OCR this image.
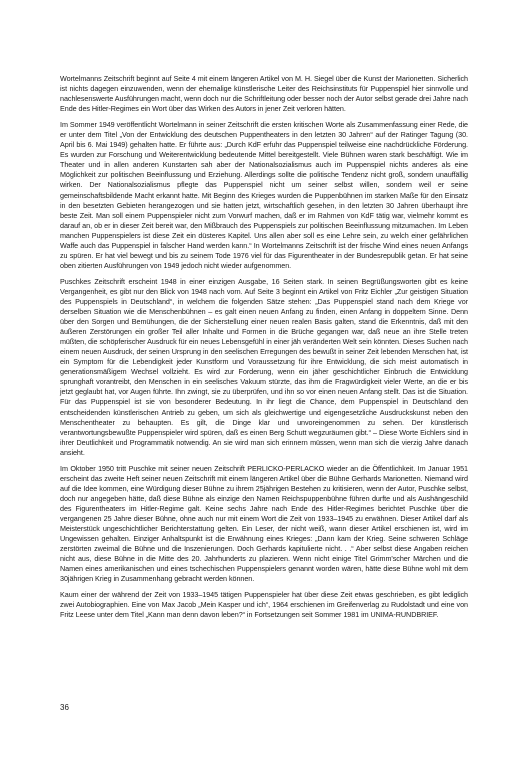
Wortelmanns Zeitschrift beginnt auf Seite 4 mit einem längeren Artikel von M. H. Siegel über die Kunst der Marionetten. Sicherlich ist nichts dagegen einzuwenden, wenn der ehemalige künstlerische Leiter des Reichsinstituts für Puppenspiel hier sinnvolle und nachlesenswerte Ausführungen macht, wenn doch nur die Schriftleitung oder besser noch der Autor selbst gerade drei Jahre nach Ende des Hitler-Regimes ein Wort über das Wirken des Autors in jener Zeit verloren hätten.

Im Sommer 1949 veröffentlicht Wortelmann in seiner Zeitschrift die ersten kritischen Worte als Zusammenfassung einer Rede, die er unter dem Titel „Von der Entwicklung des deutschen Puppentheaters in den letzten 30 Jahren“ auf der Ratinger Tagung (30. April bis 6. Mai 1949) gehalten hatte. Er führte aus: „Durch KdF erfuhr das Puppenspiel teilweise eine nachdrückliche Förderung. Es wurden zur Forschung und Weiterentwicklung bedeutende Mittel bereitgestellt. Viele Bühnen waren stark beschäftigt. Wie im Theater und in allen anderen Kunstarten sah aber der Nationalsozialismus auch im Puppenspiel nichts anderes als eine Möglichkeit zur politischen Beeinflussung und Erziehung. Allerdings sollte die politische Tendenz nicht groß, sondern unauffällig wirken. Der Nationalsozialismus pflegte das Puppenspiel nicht um seiner selbst willen, sondern weil er seine gemeinschaftsbildende Macht erkannt hatte. Mit Beginn des Krieges wurden die Puppenbühnen im starken Maße für den Einsatz in den besetzten Gebieten herangezogen und sie hatten jetzt, wirtschaftlich gesehen, in den letzten 30 Jahren überhaupt ihre beste Zeit. Man soll einem Puppenspieler nicht zum Vorwurf machen, daß er im Rahmen von KdF tätig war, vielmehr kommt es darauf an, ob er in dieser Zeit bereit war, den Mißbrauch des Puppenspiels zur politischen Beeinflussung mitzumachen. Im Leben manchen Puppenspielers ist diese Zeit ein düsteres Kapitel. Uns allen aber soll es eine Lehre sein, zu welch einer gefährlichen Waffe auch das Puppenspiel in falscher Hand werden kann.“ In Wortelmanns Zeitschrift ist der frische Wind eines neuen Anfangs zu spüren. Er hat viel bewegt und bis zu seinem Tode 1976 viel für das Figurentheater in der Bundesrepublik getan. Er hat seine oben zitierten Ausführungen von 1949 jedoch nicht wieder aufgenommen.

Puschkes Zeitschrift erscheint 1948 in einer einzigen Ausgabe, 16 Seiten stark. In seinen Begrüßungsworten gibt es keine Vergangenheit, es gibt nur den Blick von 1948 nach vorn. Auf Seite 3 beginnt ein Artikel von Fritz Eichler „Zur geistigen Situation des Puppenspiels in Deutschland“, in welchem die folgenden Sätze stehen: „Das Puppenspiel stand nach dem Kriege vor derselben Situation wie die Menschenbühnen – es galt einen neuen Anfang zu finden, einen Anfang in doppeltem Sinne. Denn über den Sorgen und Bemühungen, die der Sicherstellung einer neuen realen Basis galten, stand die Erkenntnis, daß mit den äußeren Zerstörungen ein großer Teil aller Inhalte und Formen in die Brüche gegangen war, daß neue an ihre Stelle treten müßten, die schöpferischer Ausdruck für ein neues Lebensgefühl in einer jäh veränderten Welt sein könnten. Dieses Suchen nach einem neuen Ausdruck, der seinen Ursprung in den seelischen Erregungen des bewußt in seiner Zeit lebenden Menschen hat, ist ein Symptom für die Lebendigkeit jeder Kunstform und Voraussetzung für ihre Entwicklung, die sich meist automatisch in generationsmäßigem Wechsel vollzieht. Es wird zur Forderung, wenn ein jäher geschichtlicher Einbruch die Entwicklung sprunghaft vorantreibt, den Menschen in ein seelisches Vakuum stürzte, das ihm die Fragwürdigkeit vieler Werte, an die er bis jetzt geglaubt hat, vor Augen führte. Ihn zwingt, sie zu überprüfen, und ihn so vor einen neuen Anfang stellt. Das ist die Situation. Für das Puppenspiel ist sie von besonderer Bedeutung. In ihr liegt die Chance, dem Puppenspiel in Deutschland den entscheidenden künstlerischen Antrieb zu geben, um sich als gleichwertige und eigengesetzliche Ausdruckskunst neben den Menschentheater zu behaupten. Es gilt, die Dinge klar und unvoreingenommen zu sehen. Der künstlerisch verantwortungsbewußte Puppenspieler wird spüren, daß es einen Berg Schutt wegzuräumen gibt.“ – Diese Worte Eichlers sind in ihrer Deutlichkeit und Programmatik notwendig. An sie wird man sich erinnern müssen, wenn man sich die vierzig Jahre danach ansieht.

Im Oktober 1950 tritt Puschke mit seiner neuen Zeitschrift PERLICKO-PERLACKO wieder an die Öffentlichkeit. Im Januar 1951 erscheint das zweite Heft seiner neuen Zeitschrift mit einem längeren Artikel über die Bühne Gerhards Marionetten. Niemand wird auf die Idee kommen, eine Würdigung dieser Bühne zu ihrem 25jährigen Bestehen zu kritisieren, wenn der Autor, Puschke selbst, doch nur angegeben hätte, daß diese Bühne als einzige den Namen Reichspuppenbühne führen durfte und als Aushängeschild des Figurentheaters im Hitler-Regime galt. Keine sechs Jahre nach Ende des Hitler-Regimes berichtet Puschke über die vergangenen 25 Jahre dieser Bühne, ohne auch nur mit einem Wort die Zeit von 1933–1945 zu erwähnen. Dieser Artikel darf als Meisterstück ungeschichtlicher Berichterstattung gelten. Ein Leser, der nicht weiß, wann dieser Artikel erschienen ist, wird im Ungewissen gehalten. Einziger Anhaltspunkt ist die Erwähnung eines Krieges: „Dann kam der Krieg. Seine schweren Schläge zerstörten zweimal die Bühne und die Inszenierungen. Doch Gerhards kapitulierte nicht. . .“ Aber selbst diese Angaben reichen nicht aus, diese Bühne in die Mitte des 20. Jahrhunderts zu plazieren. Wenn nicht einige Titel Grimm'scher Märchen und die Namen eines amerikanischen und eines tschechischen Puppenspielers genannt worden wären, hätte diese Bühne wohl mit dem 30jährigen Krieg in Zusammenhang gebracht werden können.

Kaum einer der während der Zeit von 1933–1945 tätigen Puppenspieler hat über diese Zeit etwas geschrieben, es gibt lediglich zwei Autobiographien. Eine von Max Jacob „Mein Kasper und ich“, 1964 erschienen im Greifenverlag zu Rudolstadt und eine von Fritz Leese unter dem Titel „Kann man denn davon leben?“ in Fortsetzungen seit Sommer 1981 im UNIMA-RUNDBRIEF.

36
